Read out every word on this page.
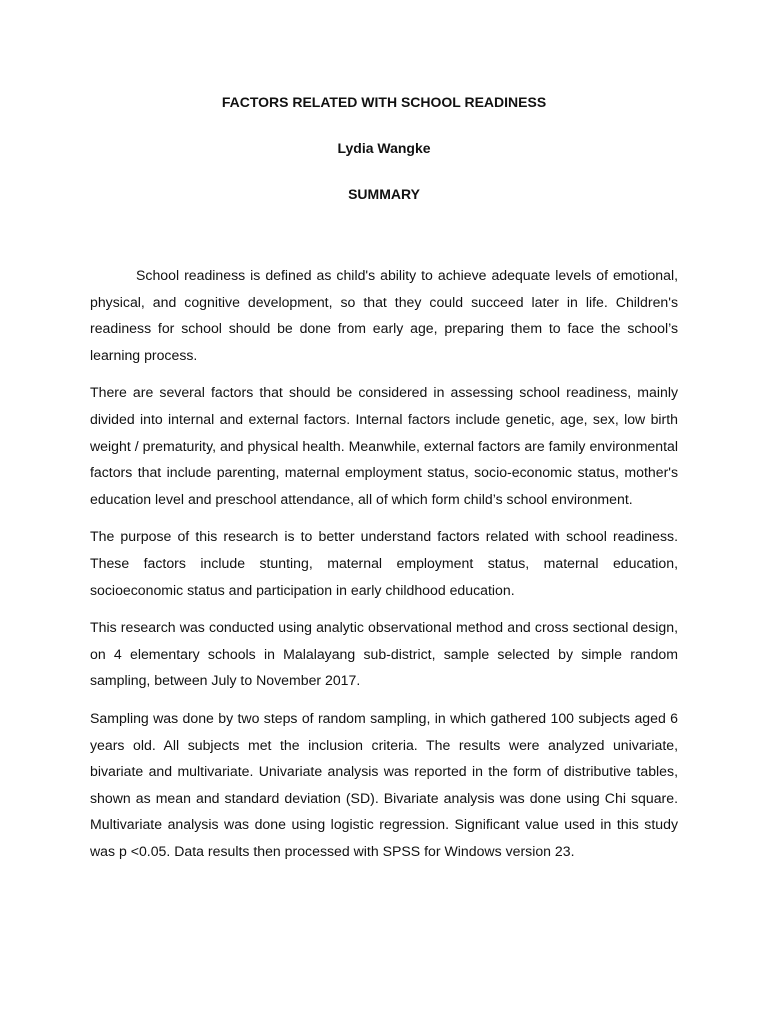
FACTORS RELATED WITH SCHOOL READINESS
Lydia Wangke
SUMMARY

School readiness is defined as child's ability to achieve adequate levels of emotional, physical, and cognitive development, so that they could succeed later in life. Children's readiness for school should be done from early age, preparing them to face the school’s learning process.

There are several factors that should be considered in assessing school readiness, mainly divided into internal and external factors. Internal factors include genetic, age, sex, low birth weight / prematurity, and physical health. Meanwhile, external factors are family environmental factors that include parenting, maternal employment status, socio-economic status, mother's education level and preschool attendance, all of which form child’s school environment.

The purpose of this research is to better understand factors related with school readiness. These factors include stunting, maternal employment status, maternal education, socioeconomic status and participation in early childhood education.

This research was conducted using analytic observational method and cross sectional design, on 4 elementary schools in Malalayang sub-district, sample selected by simple random sampling, between July to November 2017.

Sampling was done by two steps of random sampling, in which gathered 100 subjects aged 6 years old. All subjects met the inclusion criteria. The results were analyzed univariate, bivariate and multivariate. Univariate analysis was reported in the form of distributive tables, shown as mean and standard deviation (SD). Bivariate analysis was done using Chi square. Multivariate analysis was done using logistic regression. Significant value used in this study was p <0.05. Data results then processed with SPSS for Windows version 23.
